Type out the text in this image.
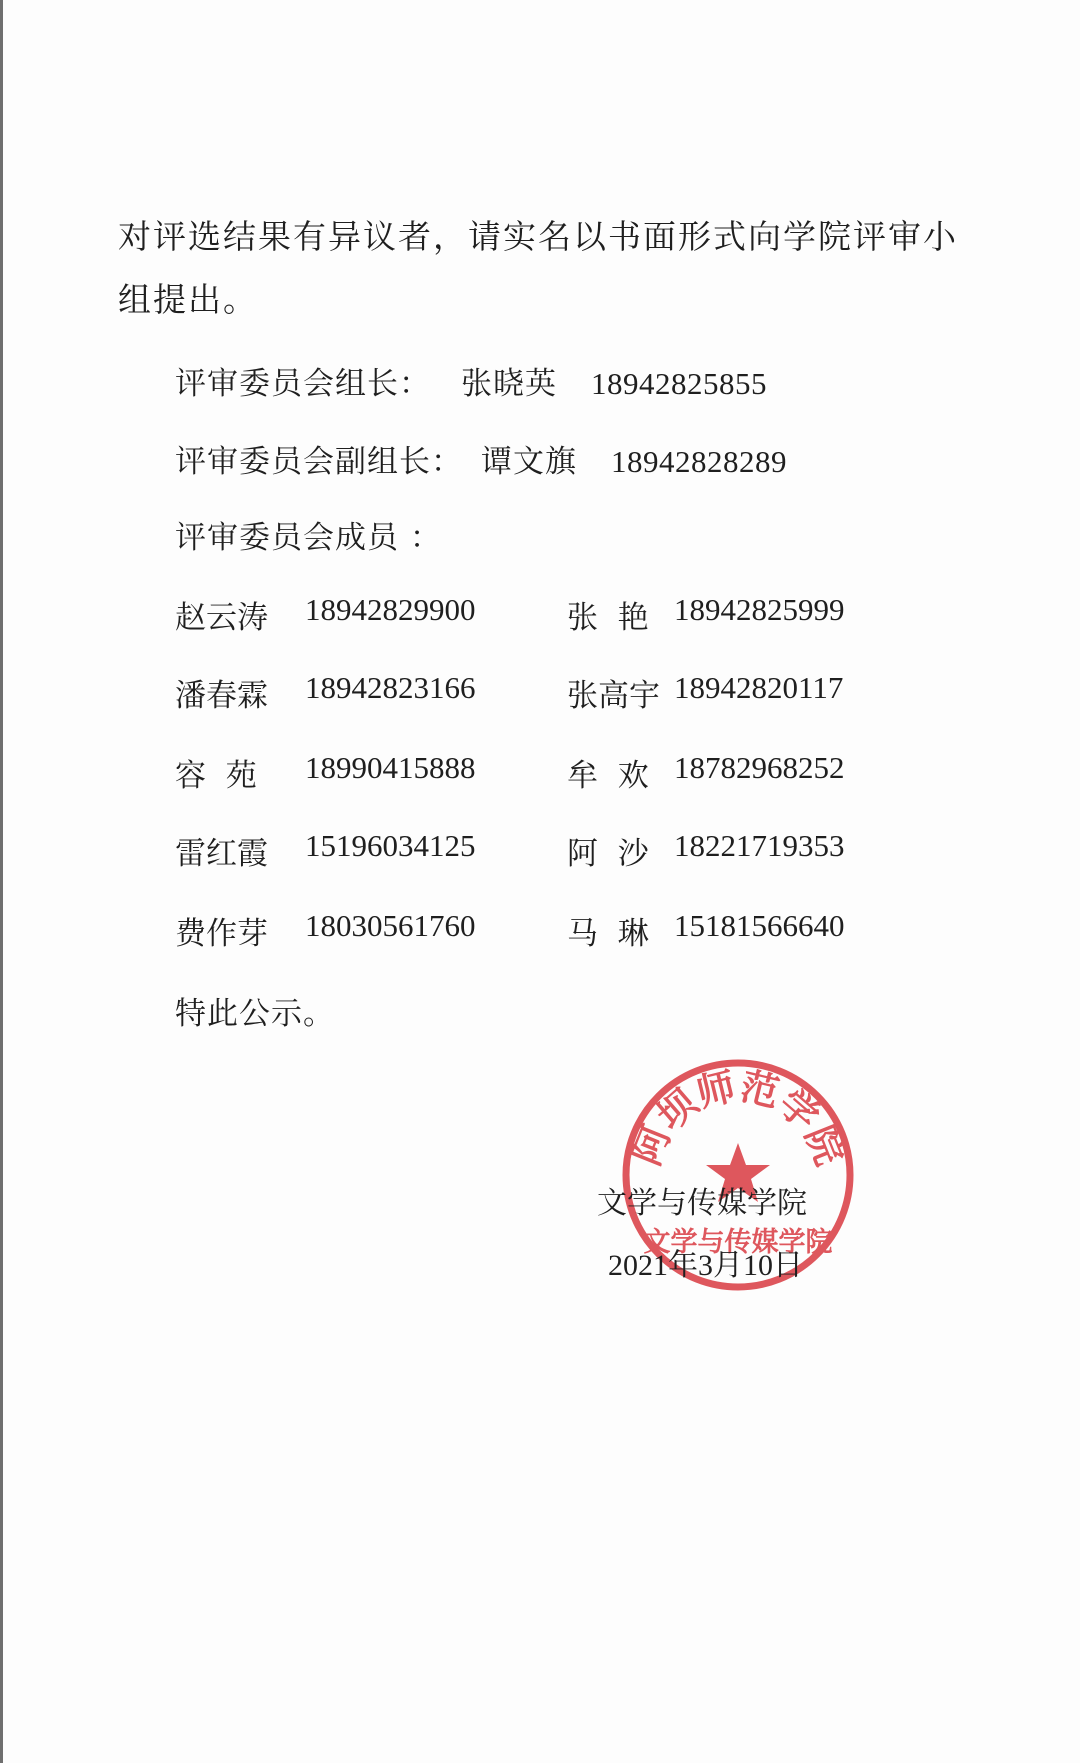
对评选结果有异议者，请实名以书面形式向学院评审小组提出。
评审委员会组长： 张晓英 18942825855
评审委员会副组长： 谭文旗 18942828289
评审委员会成员 ：
赵云涛 18942829900	张  艳 18942825999
潘春霖 18942823166	张高宇 18942820117
容  苑 18990415888	牟  欢 18782968252
雷红霞 15196034125	阿  沙 18221719353
费作芽 18030561760	马  琳 15181566640
特此公示。
阿坝师范学院
文学与传媒学院
文学与传媒学院
2021年3月10日
